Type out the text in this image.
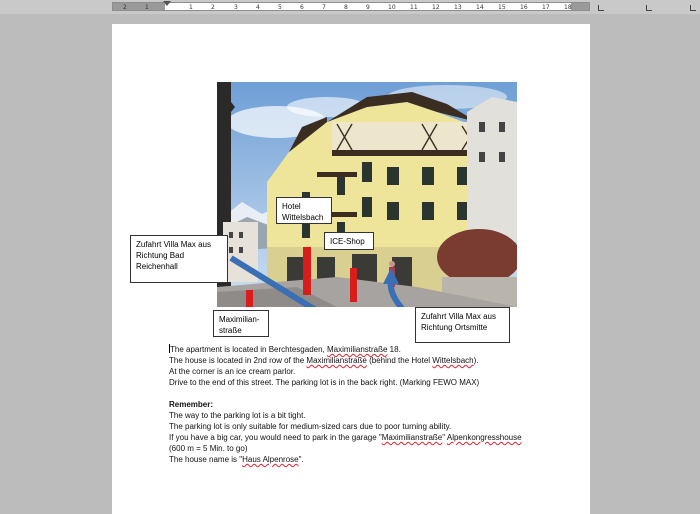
2	1	1	2	3	4	5	6	7	8	9	10 11 12 13 14 15 16 17 18
Zufahrt Villa Max aus
Richtung Bad
Reichenhall
Hotel
Wittelsbach
ICE-Shop
Maximilian-
straße
Zufahrt Villa Max aus
Richtung Ortsmitte
The apartment is located in Berchtesgaden, Maximilianstraße 18.
The house is located in 2nd row of the Maximilianstraße (behind the Hotel Wittelsbach).
At the corner is an ice cream parlor.
Drive to the end of this street. The parking lot is in the back right. (Marking FEWO MAX)
Remember:
The way to the parking lot is a bit tight.
The parking lot is only suitable for medium-sized cars due to poor turning ability.
If you have a big car, you would need to park in the garage "Maximilianstraße" Alpenkongresshouse
(600 m = 5 Min. to go)
The house name is "Haus Alpenrose".
